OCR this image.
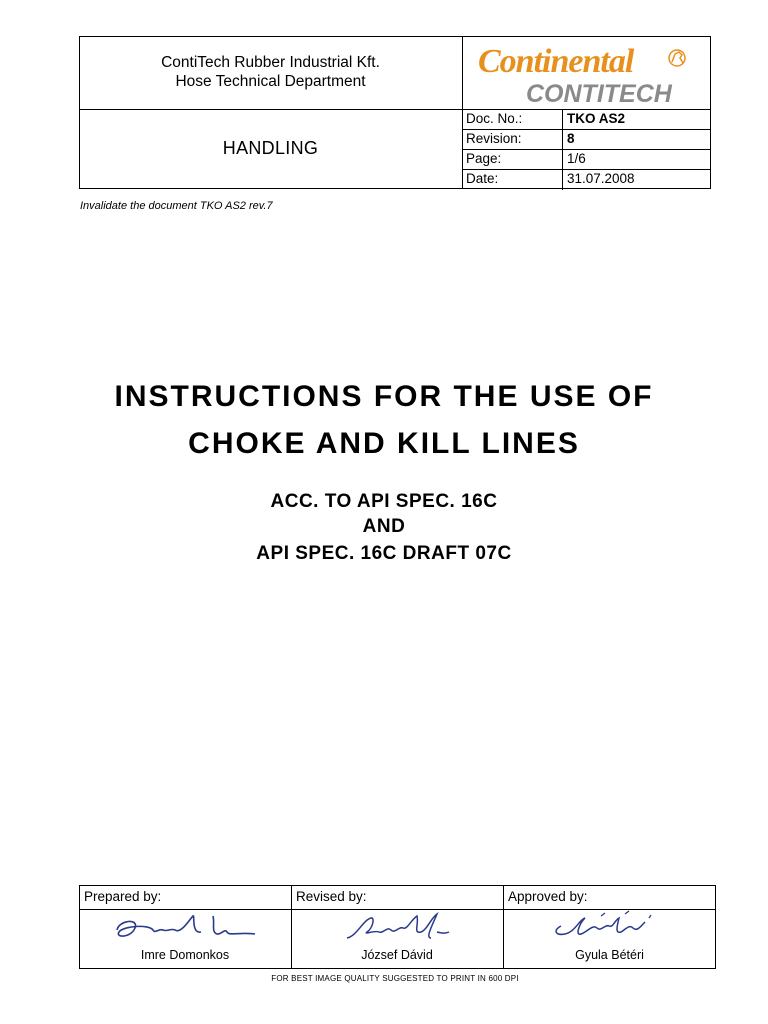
ContiTech Rubber Industrial Kft.
Hose Technical Department
Continental
CONTITECH
HANDLING
Doc. No.:	TKO AS2
Revision:	8
Page:	1/6
Date:	31.07.2008
Invalidate the document TKO AS2 rev.7
INSTRUCTIONS FOR THE USE OF
CHOKE AND KILL LINES
ACC. TO API SPEC. 16C
AND
API SPEC. 16C DRAFT 07C
Prepared by:	Revised by:	Approved by:
Imre Domonkos	József Dávid	Gyula Bétéri
FOR BEST IMAGE QUALITY SUGGESTED TO PRINT IN 600 DPI
